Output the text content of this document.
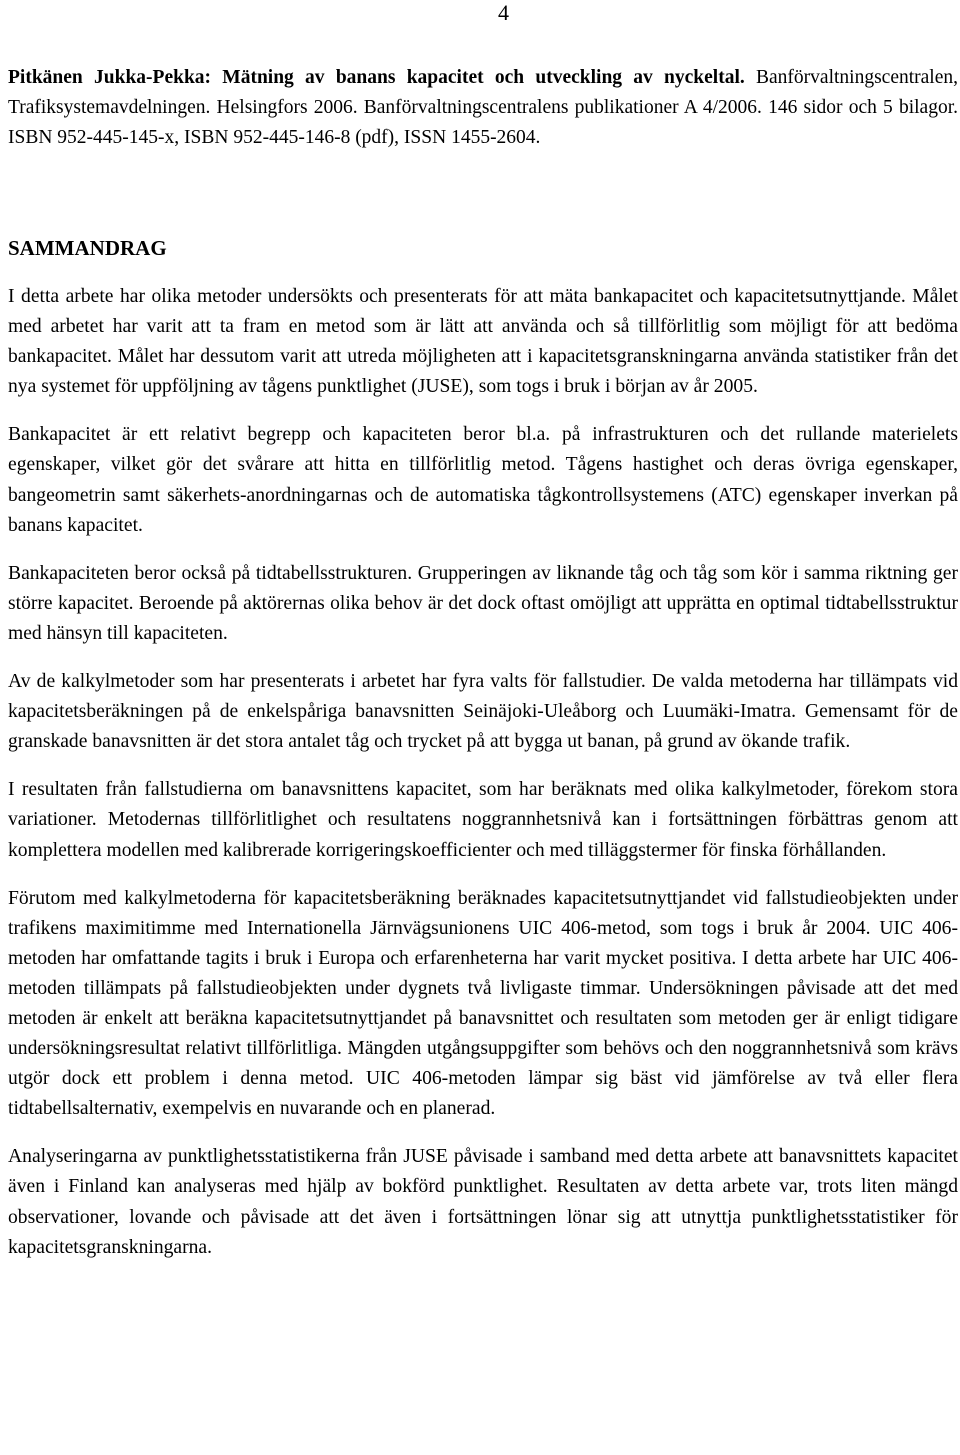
4

Pitkänen Jukka-Pekka: Mätning av banans kapacitet och utveckling av nyckeltal. Banförvaltningscentralen, Trafiksystemavdelningen. Helsingfors 2006. Banförvaltningscentralens publikationer A 4/2006. 146 sidor och 5 bilagor. ISBN 952-445-145-x, ISBN 952-445-146-8 (pdf), ISSN 1455-2604.

SAMMANDRAG

I detta arbete har olika metoder undersökts och presenterats för att mäta bankapacitet och kapacitetsutnyttjande. Målet med arbetet har varit att ta fram en metod som är lätt att använda och så tillförlitlig som möjligt för att bedöma bankapacitet. Målet har dessutom varit att utreda möjligheten att i kapacitetsgranskningarna använda statistiker från det nya systemet för uppföljning av tågens punktlighet (JUSE), som togs i bruk i början av år 2005.

Bankapacitet är ett relativt begrepp och kapaciteten beror bl.a. på infrastrukturen och det rullande materielets egenskaper, vilket gör det svårare att hitta en tillförlitlig metod. Tågens hastighet och deras övriga egenskaper, bangeometrin samt säkerhets-anordningarnas och de automatiska tågkontrollsystemens (ATC) egenskaper inverkan på banans kapacitet.

Bankapaciteten beror också på tidtabellsstrukturen. Grupperingen av liknande tåg och tåg som kör i samma riktning ger större kapacitet. Beroende på aktörernas olika behov är det dock oftast omöjligt att upprätta en optimal tidtabellsstruktur med hänsyn till kapaciteten.

Av de kalkylmetoder som har presenterats i arbetet har fyra valts för fallstudier. De valda metoderna har tillämpats vid kapacitetsberäkningen på de enkelspåriga banavsnitten Seinäjoki-Uleåborg och Luumäki-Imatra. Gemensamt för de granskade banavsnitten är det stora antalet tåg och trycket på att bygga ut banan, på grund av ökande trafik.

I resultaten från fallstudierna om banavsnittens kapacitet, som har beräknats med olika kalkylmetoder, förekom stora variationer. Metodernas tillförlitlighet och resultatens noggrannhetsnivå kan i fortsättningen förbättras genom att komplettera modellen med kalibrerade korrigeringskoefficienter och med tilläggstermer för finska förhållanden.

Förutom med kalkylmetoderna för kapacitetsberäkning beräknades kapacitetsutnyttjandet vid fallstudieobjekten under trafikens maximitimme med Internationella Järnvägsunionens UIC 406-metod, som togs i bruk år 2004. UIC 406-metoden har omfattande tagits i bruk i Europa och erfarenheterna har varit mycket positiva. I detta arbete har UIC 406-metoden tillämpats på fallstudieobjekten under dygnets två livligaste timmar. Undersökningen påvisade att det med metoden är enkelt att beräkna kapacitetsutnyttjandet på banavsnittet och resultaten som metoden ger är enligt tidigare undersökningsresultat relativt tillförlitliga. Mängden utgångsuppgifter som behövs och den noggrannhetsnivå som krävs utgör dock ett problem i denna metod. UIC 406-metoden lämpar sig bäst vid jämförelse av två eller flera tidtabellsalternativ, exempelvis en nuvarande och en planerad.

Analyseringarna av punktlighetsstatistikerna från JUSE påvisade i samband med detta arbete att banavsnittets kapacitet även i Finland kan analyseras med hjälp av bokförd punktlighet. Resultaten av detta arbete var, trots liten mängd observationer, lovande och påvisade att det även i fortsättningen lönar sig att utnyttja punktlighetsstatistiker för kapacitetsgranskningarna.
